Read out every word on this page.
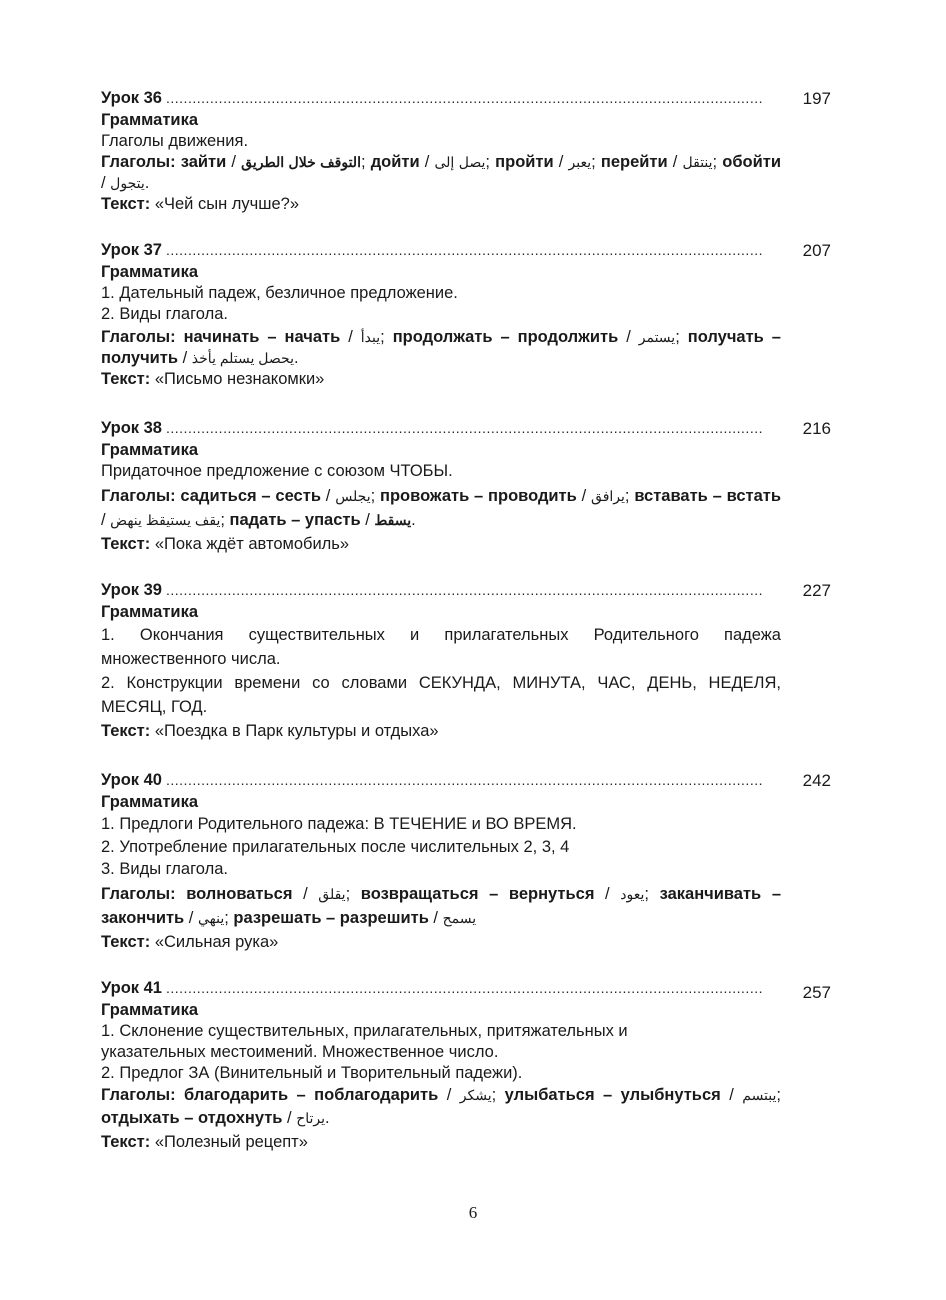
Урок 36 .....	197
Грамматика
Глаголы движения.
Глаголы: зайти / التوقف خلال الطريق; дойти / يصل إلى; пройти / يعبر; перейти / ينتقل; обойти / يتجول.
Текст: «Чей сын лучше?»
Урок 37 .....	207
Грамматика
1. Дательный падеж, безличное предложение.
2. Виды глагола.
Глаголы: начинать – начать / يبدأ; продолжать – продолжить / يستمر; получать – получить / يحصل يستلم يأخذ.
Текст: «Письмо незнакомки»
Урок 38 .....	216
Грамматика
Придаточное предложение с союзом ЧТОБЫ.
Глаголы: садиться – сесть / يجلس; провожать – проводить / يرافق; вставать – встать / يقف يستيقظ ينهض; падать – упасть / يسقط.
Текст: «Пока ждёт автомобиль»
Урок 39 .....	227
Грамматика
1. Окончания существительных и прилагательных Родительного падежа множественного числа.
2. Конструкции времени со словами СЕКУНДА, МИНУТА, ЧАС, ДЕНЬ, НЕДЕЛЯ, МЕСЯЦ, ГОД.
Текст: «Поездка в Парк культуры и отдыха»
Урок 40 .....	242
Грамматика
1. Предлоги Родительного падежа: В ТЕЧЕНИЕ и ВО ВРЕМЯ.
2. Употребление прилагательных после числительных 2, 3, 4
3. Виды глагола.
Глаголы: волноваться / يقلق; возвращаться – вернуться / يعود; заканчивать – закончить / ينهي; разрешать – разрешить / يسمح
Текст: «Сильная рука»
Урок 41 .....	257
Грамматика
1. Склонение существительных, прилагательных, притяжательных и указательных местоимений. Множественное число.
2. Предлог ЗА (Винительный и Творительный падежи).
Глаголы: благодарить – поблагодарить / يشكر; улыбаться – улыбнуться / يبتسم; отдыхать – отдохнуть / يرتاح.
Текст: «Полезный рецепт»
6
